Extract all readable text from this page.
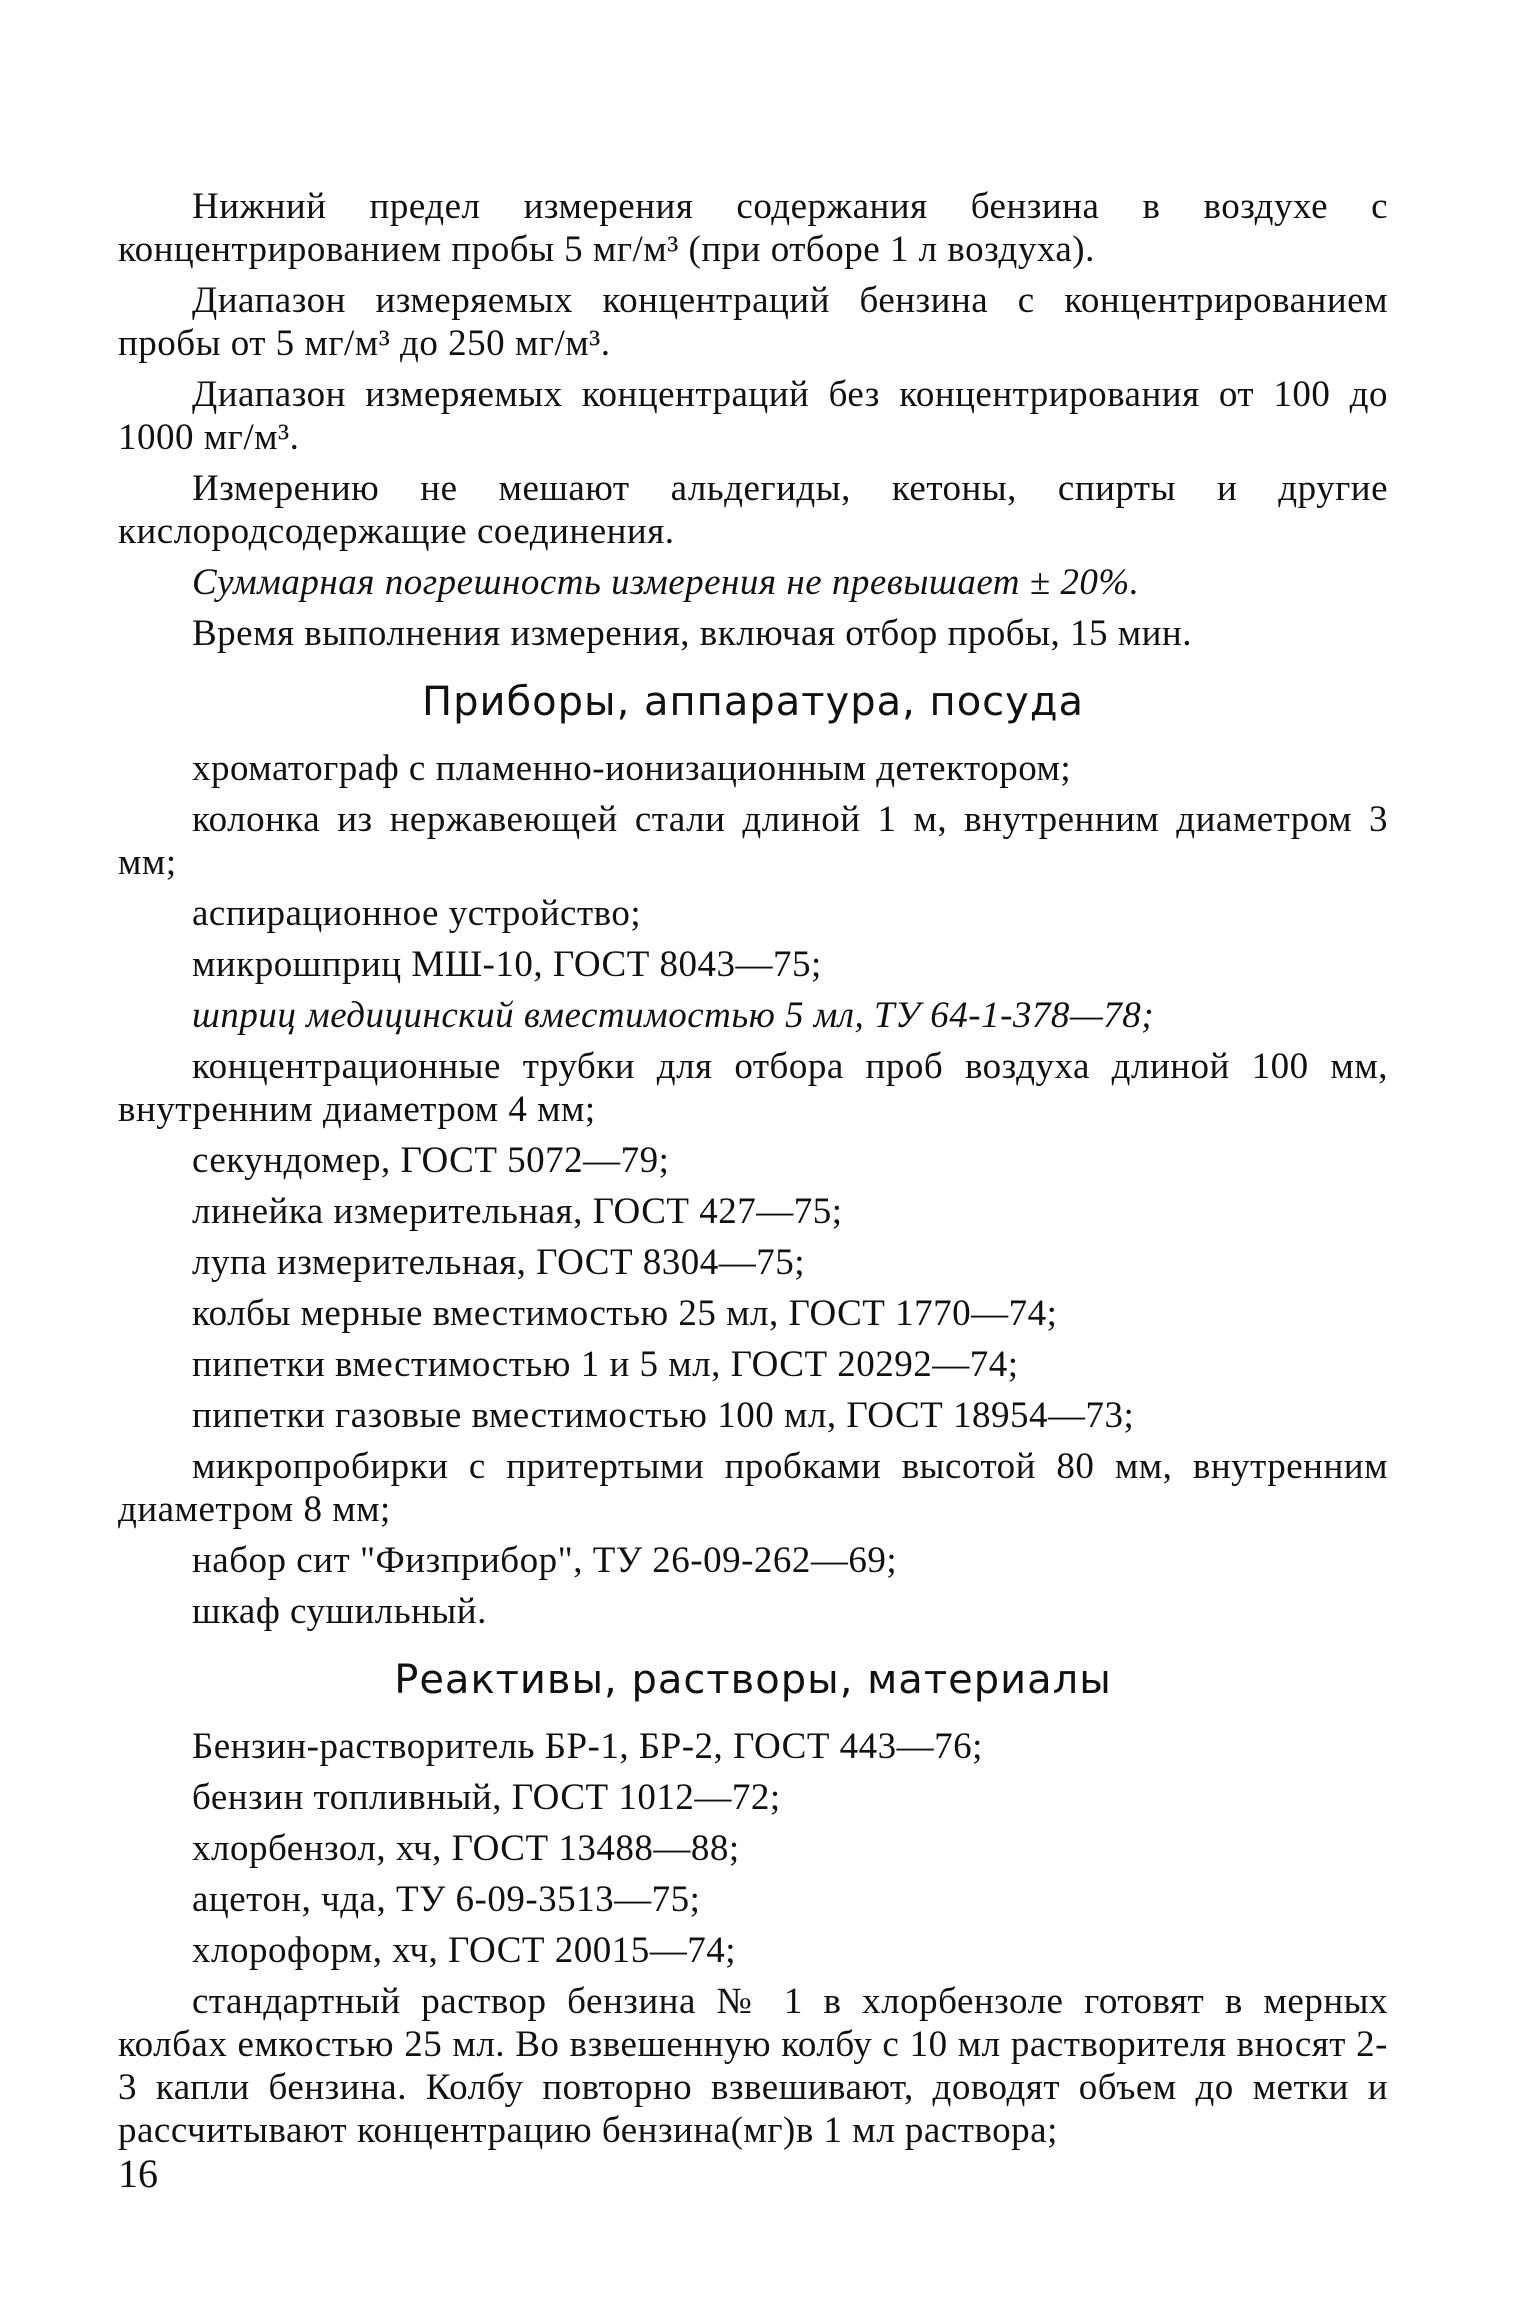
Нижний предел измерения содержания бензина в воздухе с концентрированием пробы 5 мг/м³ (при отборе 1 л воздуха).

Диапазон измеряемых концентраций бензина с концентрированием пробы от 5 мг/м³ до 250 мг/м³.

Диапазон измеряемых концентраций без концентрирования от 100 до 1000 мг/м³.

Измерению не мешают альдегиды, кетоны, спирты и другие кислородсодержащие соединения.

Суммарная погрешность измерения не превышает ± 20%.

Время выполнения измерения, включая отбор пробы, 15 мин.

Приборы, аппаратура, посуда

хроматограф с пламенно-ионизационным детектором;

колонка из нержавеющей стали длиной 1 м, внутренним диаметром 3 мм;

аспирационное устройство;

микрошприц МШ-10, ГОСТ 8043—75;

шприц медицинский вместимостью 5 мл, ТУ 64-1-378—78;

концентрационные трубки для отбора проб воздуха длиной 100 мм, внутренним диаметром 4 мм;

секундомер, ГОСТ 5072—79;

линейка измерительная, ГОСТ 427—75;

лупа измерительная, ГОСТ 8304—75;

колбы мерные вместимостью 25 мл, ГОСТ 1770—74;

пипетки вместимостью 1 и 5 мл, ГОСТ 20292—74;

пипетки газовые вместимостью 100 мл, ГОСТ 18954—73;

микропробирки с притертыми пробками высотой 80 мм, внутренним диаметром 8 мм;

набор сит "Физприбор", ТУ 26-09-262—69;

шкаф сушильный.

Реактивы, растворы, материалы

Бензин-растворитель БР-1, БР-2, ГОСТ 443—76;

бензин топливный, ГОСТ 1012—72;

хлорбензол, хч, ГОСТ 13488—88;

ацетон, чда, ТУ 6-09-3513—75;

хлороформ, хч, ГОСТ 20015—74;

стандартный раствор бензина № 1 в хлорбензоле готовят в мерных колбах емкостью 25 мл. Во взвешенную колбу с 10 мл растворителя вносят 2-3 капли бензина. Колбу повторно взвешивают, доводят объем до метки и рассчитывают концентрацию бензина(мг)в 1 мл раствора;

16
